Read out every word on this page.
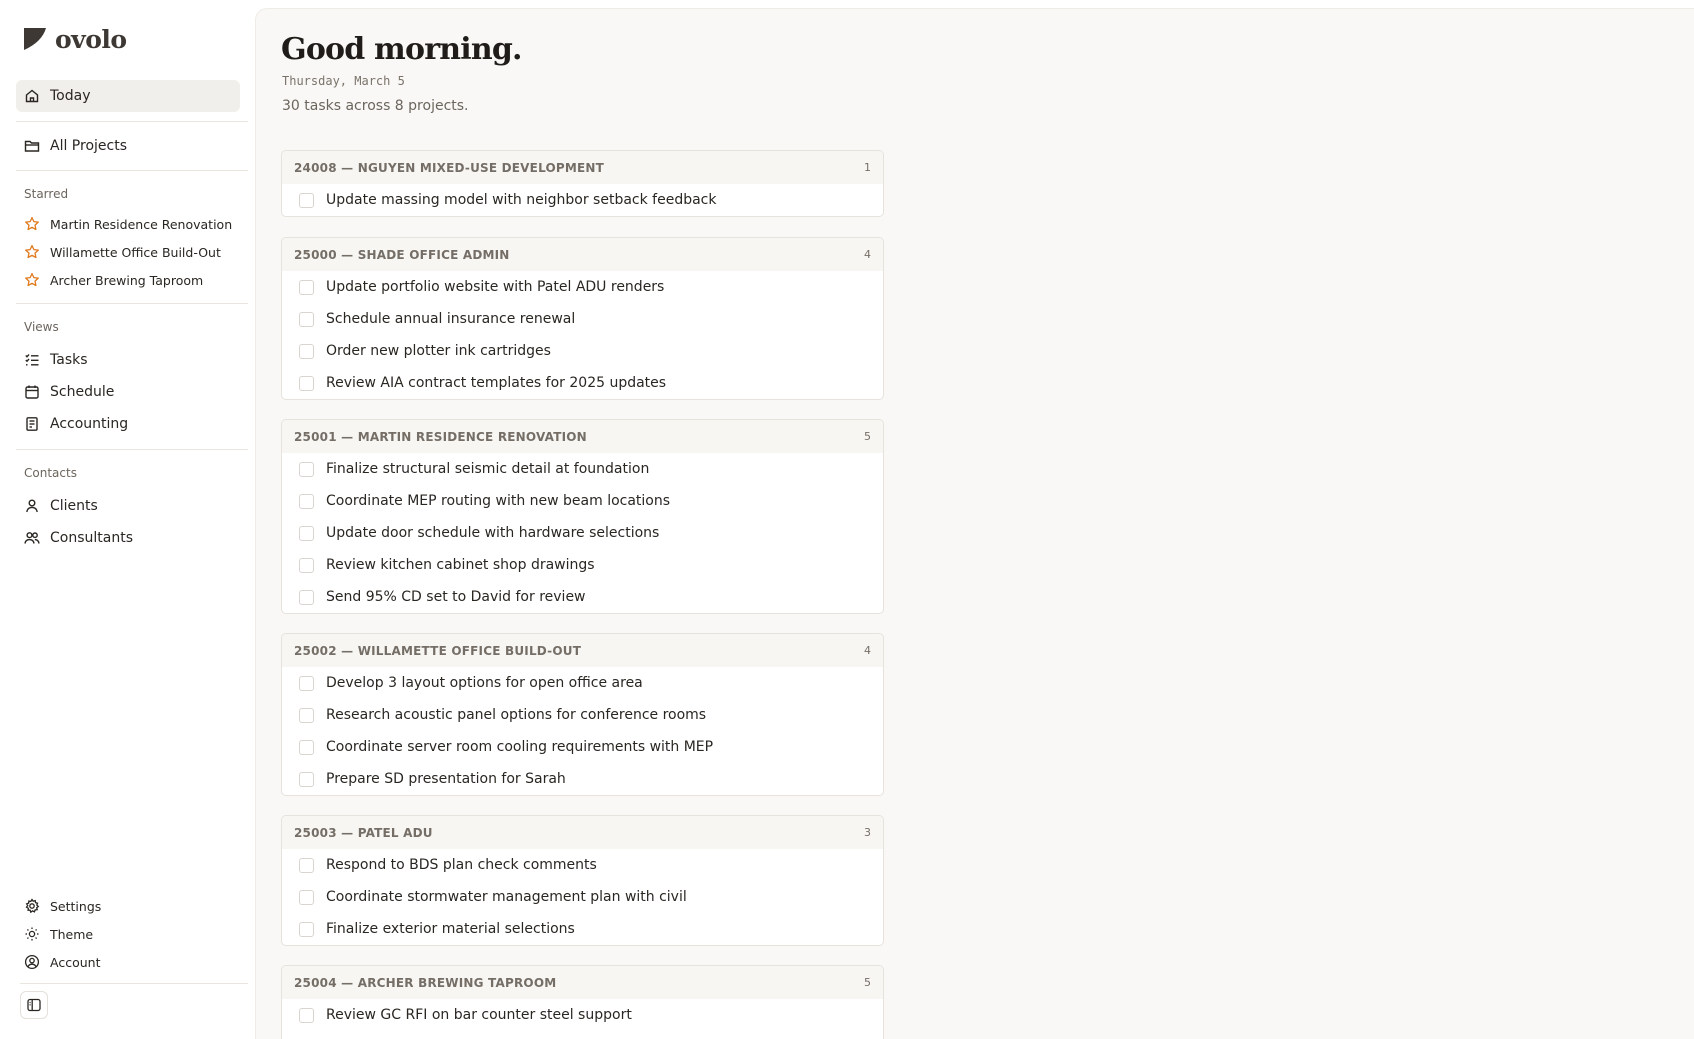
ovolo
Today
All Projects
Starred
Martin Residence Renovation
Willamette Office Build-Out
Archer Brewing Taproom
Views
Tasks
Schedule
Accounting
Contacts
Clients
Consultants
Settings
Theme
Account
Good morning.
Thursday, March 5
30 tasks across 8 projects.
24008 — NGUYEN MIXED-USE DEVELOPMENT	1
Update massing model with neighbor setback feedback
25000 — SHADE OFFICE ADMIN	4
Update portfolio website with Patel ADU renders
Schedule annual insurance renewal
Order new plotter ink cartridges
Review AIA contract templates for 2025 updates
25001 — MARTIN RESIDENCE RENOVATION	5
Finalize structural seismic detail at foundation
Coordinate MEP routing with new beam locations
Update door schedule with hardware selections
Review kitchen cabinet shop drawings
Send 95% CD set to David for review
25002 — WILLAMETTE OFFICE BUILD-OUT	4
Develop 3 layout options for open office area
Research acoustic panel options for conference rooms
Coordinate server room cooling requirements with MEP
Prepare SD presentation for Sarah
25003 — PATEL ADU	3
Respond to BDS plan check comments
Coordinate stormwater management plan with civil
Finalize exterior material selections
25004 — ARCHER BREWING TAPROOM	5
Review GC RFI on bar counter steel support
